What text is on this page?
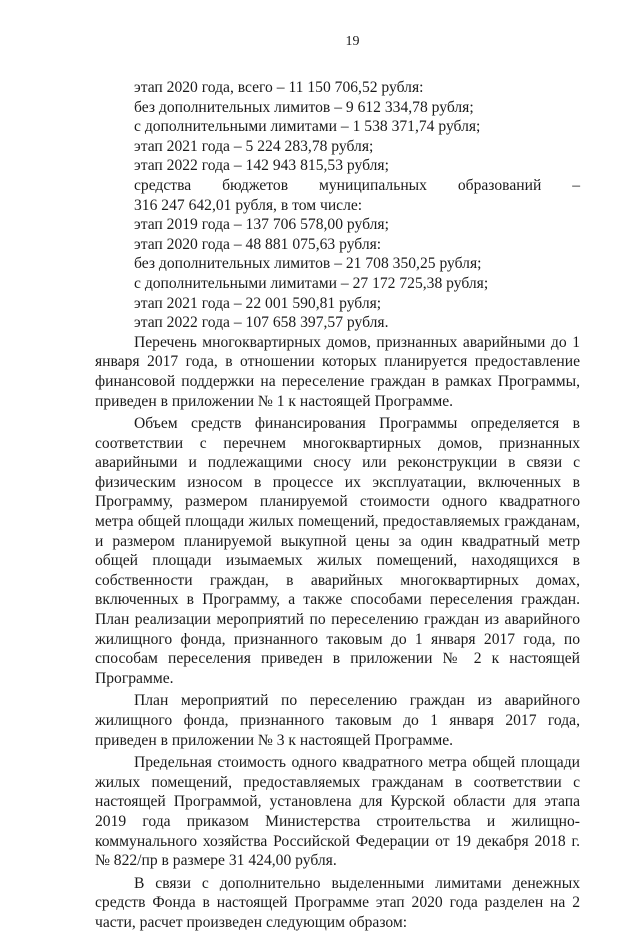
19
этап 2020 года, всего – 11 150 706,52 рубля:
без дополнительных лимитов – 9 612 334,78 рубля;
с дополнительными лимитами – 1 538 371,74 рубля;
этап 2021 года – 5 224 283,78 рубля;
этап 2022 года – 142 943 815,53 рубля;
средства бюджетов муниципальных образований –
316 247 642,01 рубля, в том числе:
этап 2019 года – 137 706 578,00 рубля;
этап 2020 года – 48 881 075,63 рубля:
без дополнительных лимитов – 21 708 350,25 рубля;
с дополнительными лимитами – 27 172 725,38 рубля;
этап 2021 года – 22 001 590,81 рубля;
этап 2022 года – 107 658 397,57 рубля.

Перечень многоквартирных домов, признанных аварийными до 1 января 2017 года, в отношении которых планируется предоставление финансовой поддержки на переселение граждан в рамках Программы, приведен в приложении № 1 к настоящей Программе.

Объем средств финансирования Программы определяется в соответствии с перечнем многоквартирных домов, признанных аварийными и подлежащими сносу или реконструкции в связи с физическим износом в процессе их эксплуатации, включенных в Программу, размером планируемой стоимости одного квадратного метра общей площади жилых помещений, предоставляемых гражданам, и размером планируемой выкупной цены за один квадратный метр общей площади изымаемых жилых помещений, находящихся в собственности граждан, в аварийных многоквартирных домах, включенных в Программу, а также способами переселения граждан. План реализации мероприятий по переселению граждан из аварийного жилищного фонда, признанного таковым до 1 января 2017 года, по способам переселения приведен в приложении № 2 к настоящей Программе.

План мероприятий по переселению граждан из аварийного жилищного фонда, признанного таковым до 1 января 2017 года, приведен в приложении № 3 к настоящей Программе.

Предельная стоимость одного квадратного метра общей площади жилых помещений, предоставляемых гражданам в соответствии с настоящей Программой, установлена для Курской области для этапа 2019 года приказом Министерства строительства и жилищно-коммунального хозяйства Российской Федерации от 19 декабря 2018 г. № 822/пр в размере 31 424,00 рубля.

В связи с дополнительно выделенными лимитами денежных средств Фонда в настоящей Программе этап 2020 года разделен на 2 части, расчет произведен следующим образом:
